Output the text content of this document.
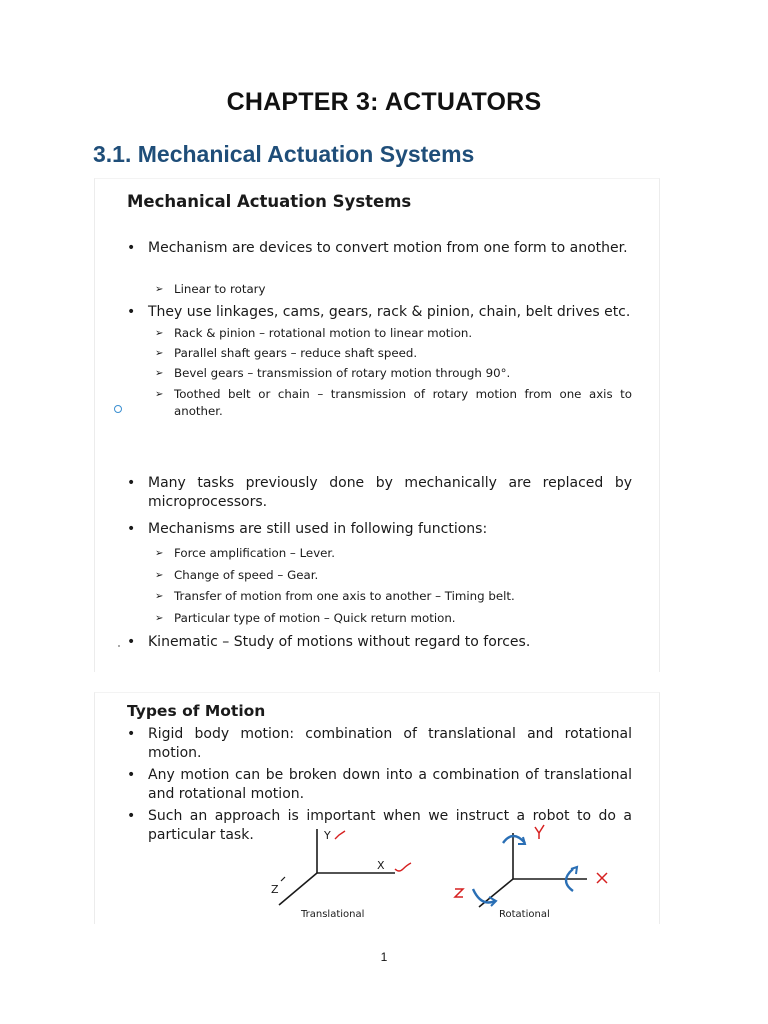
CHAPTER 3: ACTUATORS
3.1. Mechanical Actuation Systems
Mechanical Actuation Systems
• Mechanism are devices to convert motion from one form to another.
➢ Linear to rotary
• They use linkages, cams, gears, rack & pinion, chain, belt drives etc.
➢ Rack & pinion – rotational motion to linear motion.
➢ Parallel shaft gears – reduce shaft speed.
➢ Bevel gears – transmission of rotary motion through 90°.
➢ Toothed belt or chain – transmission of rotary motion from one axis to another.
• Many tasks previously done by mechanically are replaced by microprocessors.
• Mechanisms are still used in following functions:
➢ Force amplification – Lever.
➢ Change of speed – Gear.
➢ Transfer of motion from one axis to another – Timing belt.
➢ Particular type of motion – Quick return motion.
• Kinematic – Study of motions without regard to forces.
Types of Motion
• Rigid body motion: combination of translational and rotational motion.
• Any motion can be broken down into a combination of translational and rotational motion.
• Such an approach is important when we instruct a robot to do a particular task.	Y
X
Z
Translational	Rotational
1
